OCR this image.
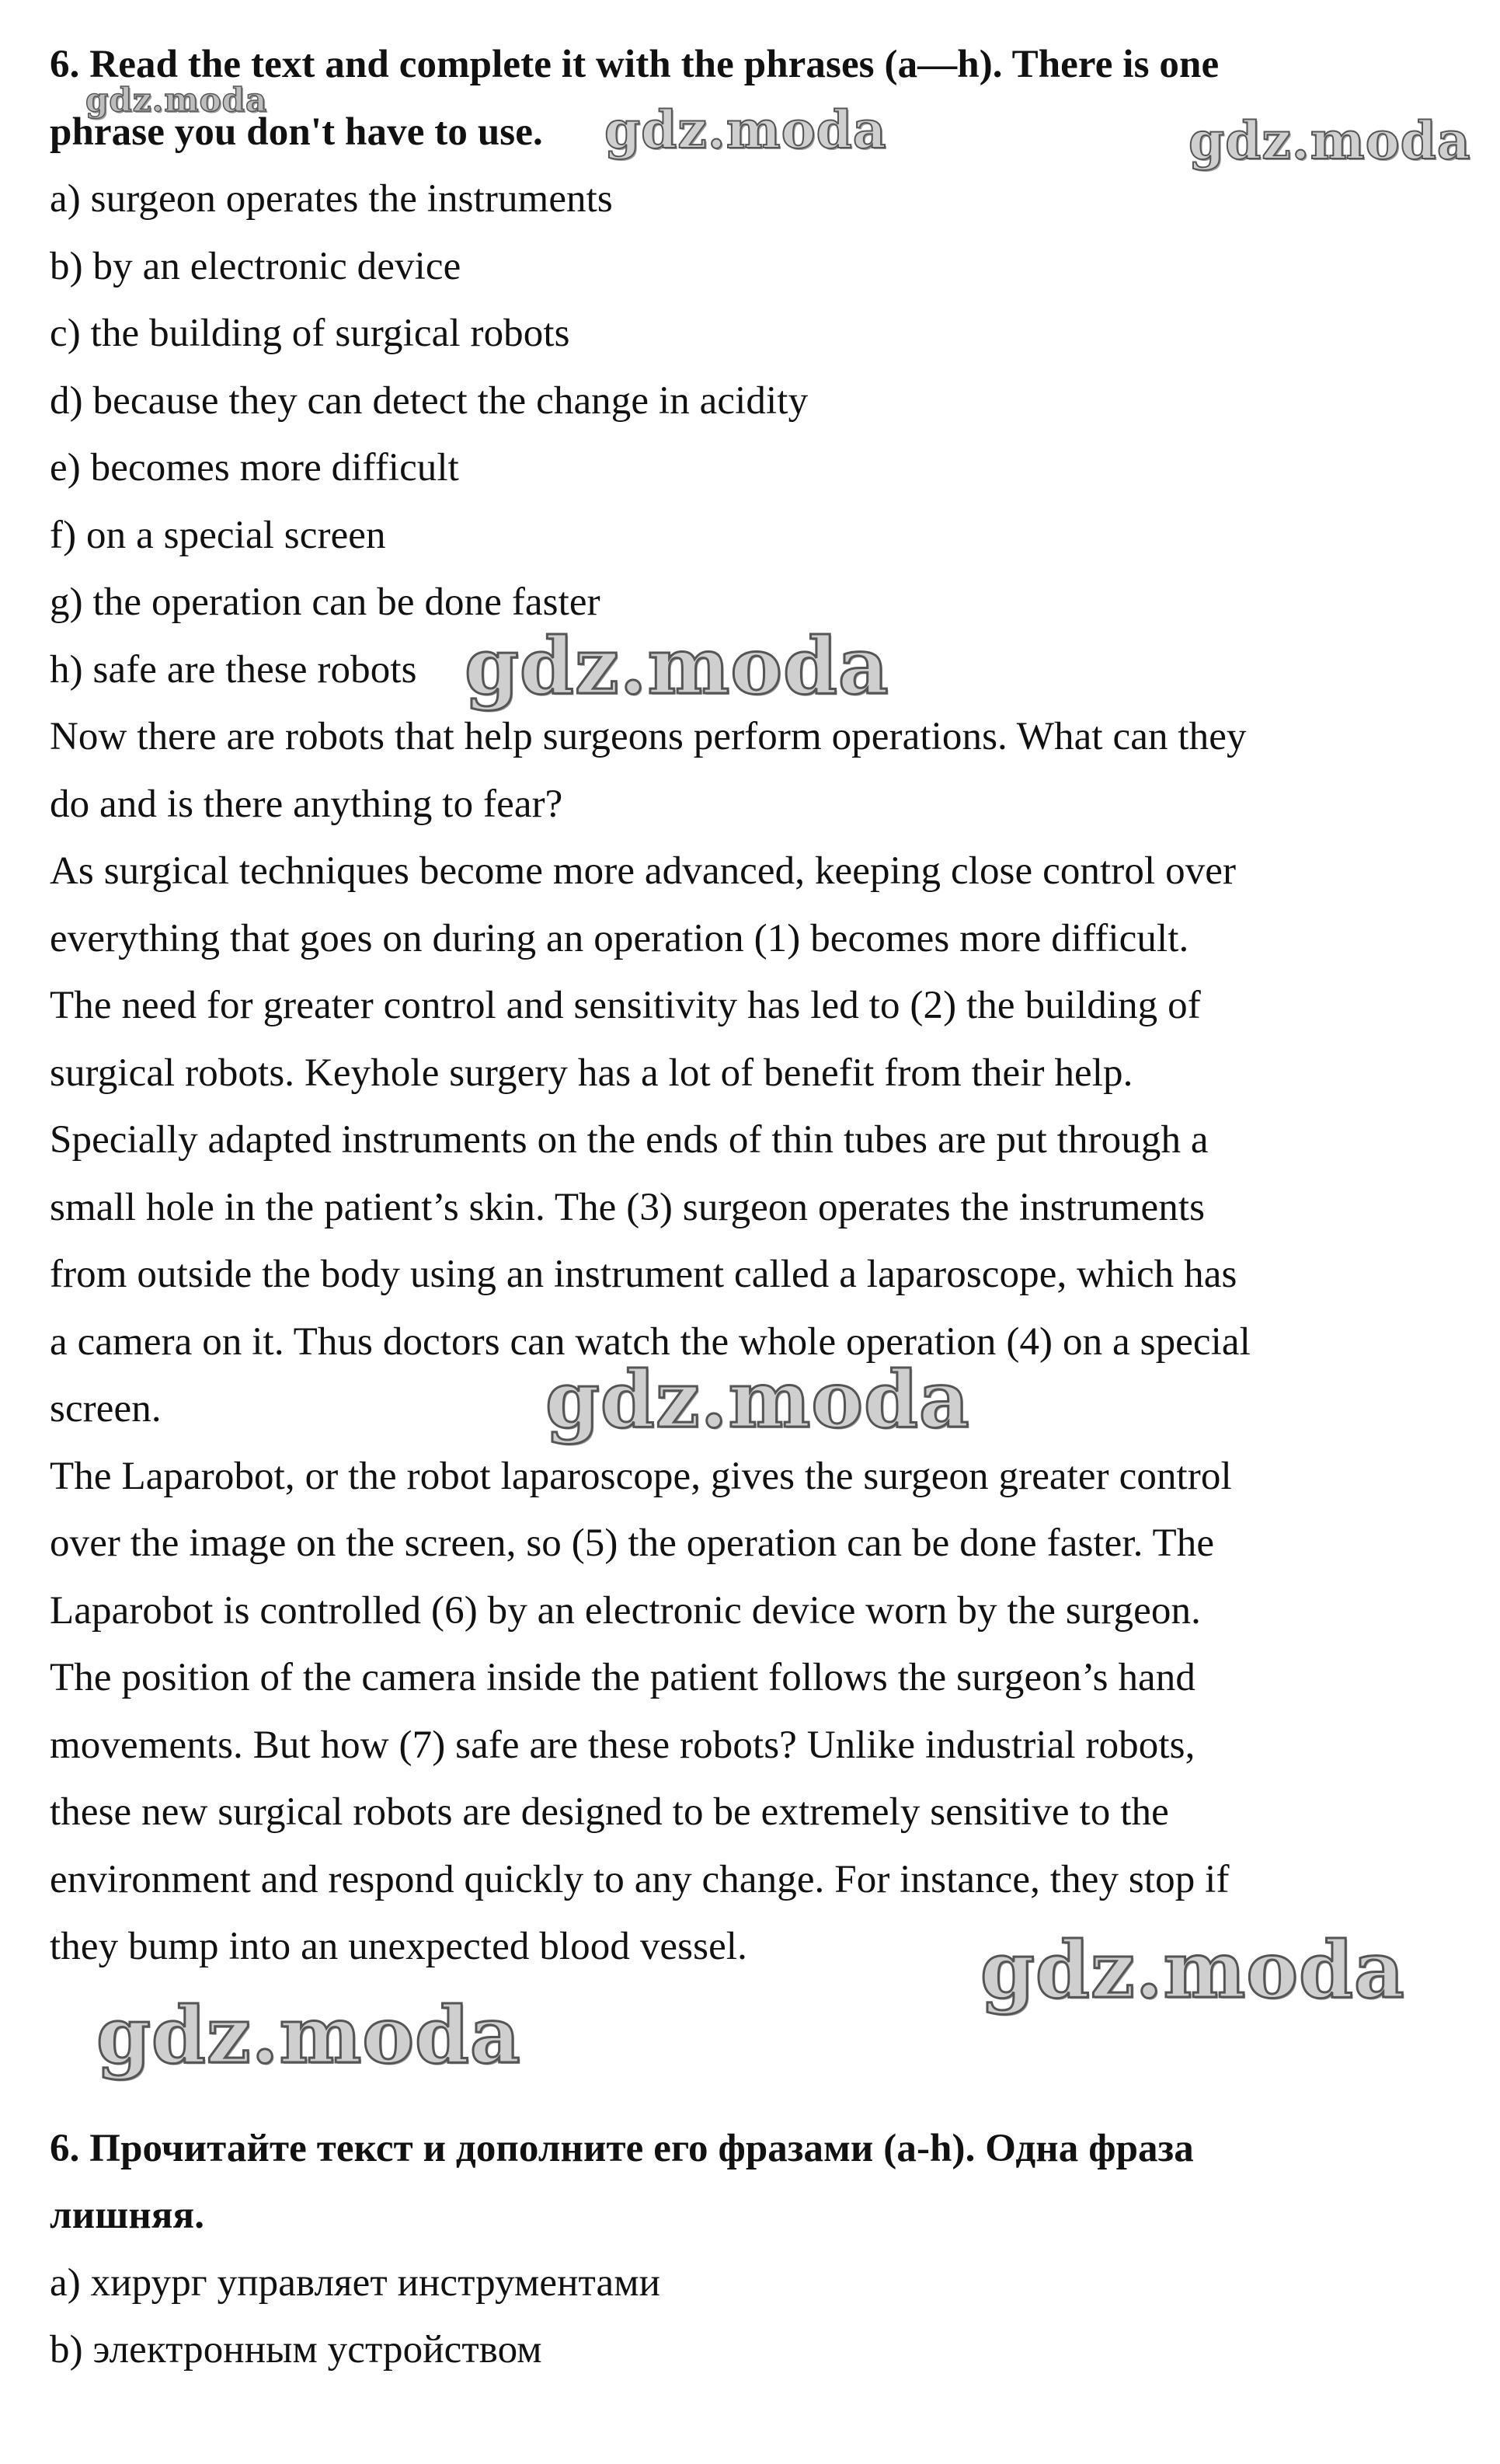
6. Read the text and complete it with the phrases (a—h). There is one
phrase you don't have to use.
a) surgeon operates the instruments
b) by an electronic device
c) the building of surgical robots
d) because they can detect the change in acidity
e) becomes more difficult
f) on a special screen
g) the operation can be done faster
h) safe are these robots
Now there are robots that help surgeons perform operations. What can they
do and is there anything to fear?
As surgical techniques become more advanced, keeping close control over
everything that goes on during an operation (1) becomes more difficult.
The need for greater control and sensitivity has led to (2) the building of
surgical robots. Keyhole surgery has a lot of benefit from their help.
Specially adapted instruments on the ends of thin tubes are put through a
small hole in the patient’s skin. The (3) surgeon operates the instruments
from outside the body using an instrument called a laparoscope, which has
a camera on it. Thus doctors can watch the whole operation (4) on a special
screen.
The Laparobot, or the robot laparoscope, gives the surgeon greater control
over the image on the screen, so (5) the operation can be done faster. The
Laparobot is controlled (6) by an electronic device worn by the surgeon.
The position of the camera inside the patient follows the surgeon’s hand
movements. But how (7) safe are these robots? Unlike industrial robots,
these new surgical robots are designed to be extremely sensitive to the
environment and respond quickly to any change. For instance, they stop if
they bump into an unexpected blood vessel.
6. Прочитайте текст и дополните его фразами (a-h). Одна фраза
лишняя.
a) хирург управляет инструментами
b) электронным устройством
gdz.moda	gdz.moda	gdz.moda
gdz.moda
gdz.moda
gdz.moda
gdz.moda
